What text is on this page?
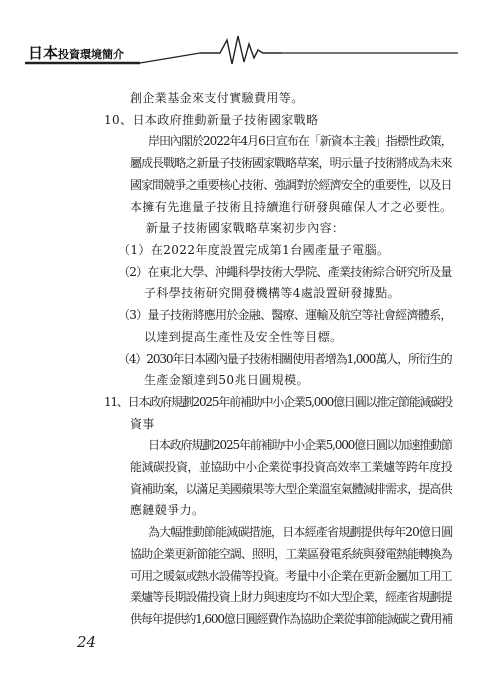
日本投資環境簡介
創企業基金來支付實驗費用等。
10、日本政府推動新量子技術國家戰略
岸田內閣於2022年4月6日宣布在「新資本主義」指標性政策，
屬成長戰略之新量子技術國家戰略草案，明示量子技術將成為未來
國家間競爭之重要核心技術、強調對於經濟安全的重要性，以及日
本擁有先進量子技術且持續進行研發與確保人才之必要性。
新量子技術國家戰略草案初步內容：
（1）在2022年度設置完成第1台國產量子電腦。
（2）在東北大學、沖繩科學技術大學院、產業技術綜合研究所及量
子科學技術研究開發機構等4處設置研發據點。
（3）量子技術將應用於金融、醫療、運輸及航空等社會經濟體系，
以達到提高生產性及安全性等目標。
（4）2030年日本國內量子技術相關使用者增為1,000萬人，所衍生的
生產金額達到50兆日圓規模。
11、日本政府規劃2025年前補助中小企業5,000億日圓以推定節能減碳投
資事
日本政府規劃2025年前補助中小企業5,000億日圓以加速推動節
能減碳投資，並協助中小企業從事投資高效率工業爐等跨年度投
資補助案，以滿足美國蘋果等大型企業溫室氣體減排需求，提高供
應鏈競爭力。
為大幅推動節能減碳措施，日本經產省規劃提供每年20億日圓
協助企業更新節能空調、照明，工業區發電系統與發電熱能轉換為
可用之暖氣或熱水設備等投資。考量中小企業在更新金屬加工用工
業爐等長期設備投資上財力與速度均不如大型企業，經產省規劃提
供每年提供約1,600億日圓經費作為協助企業從事節能減碳之費用補
24
